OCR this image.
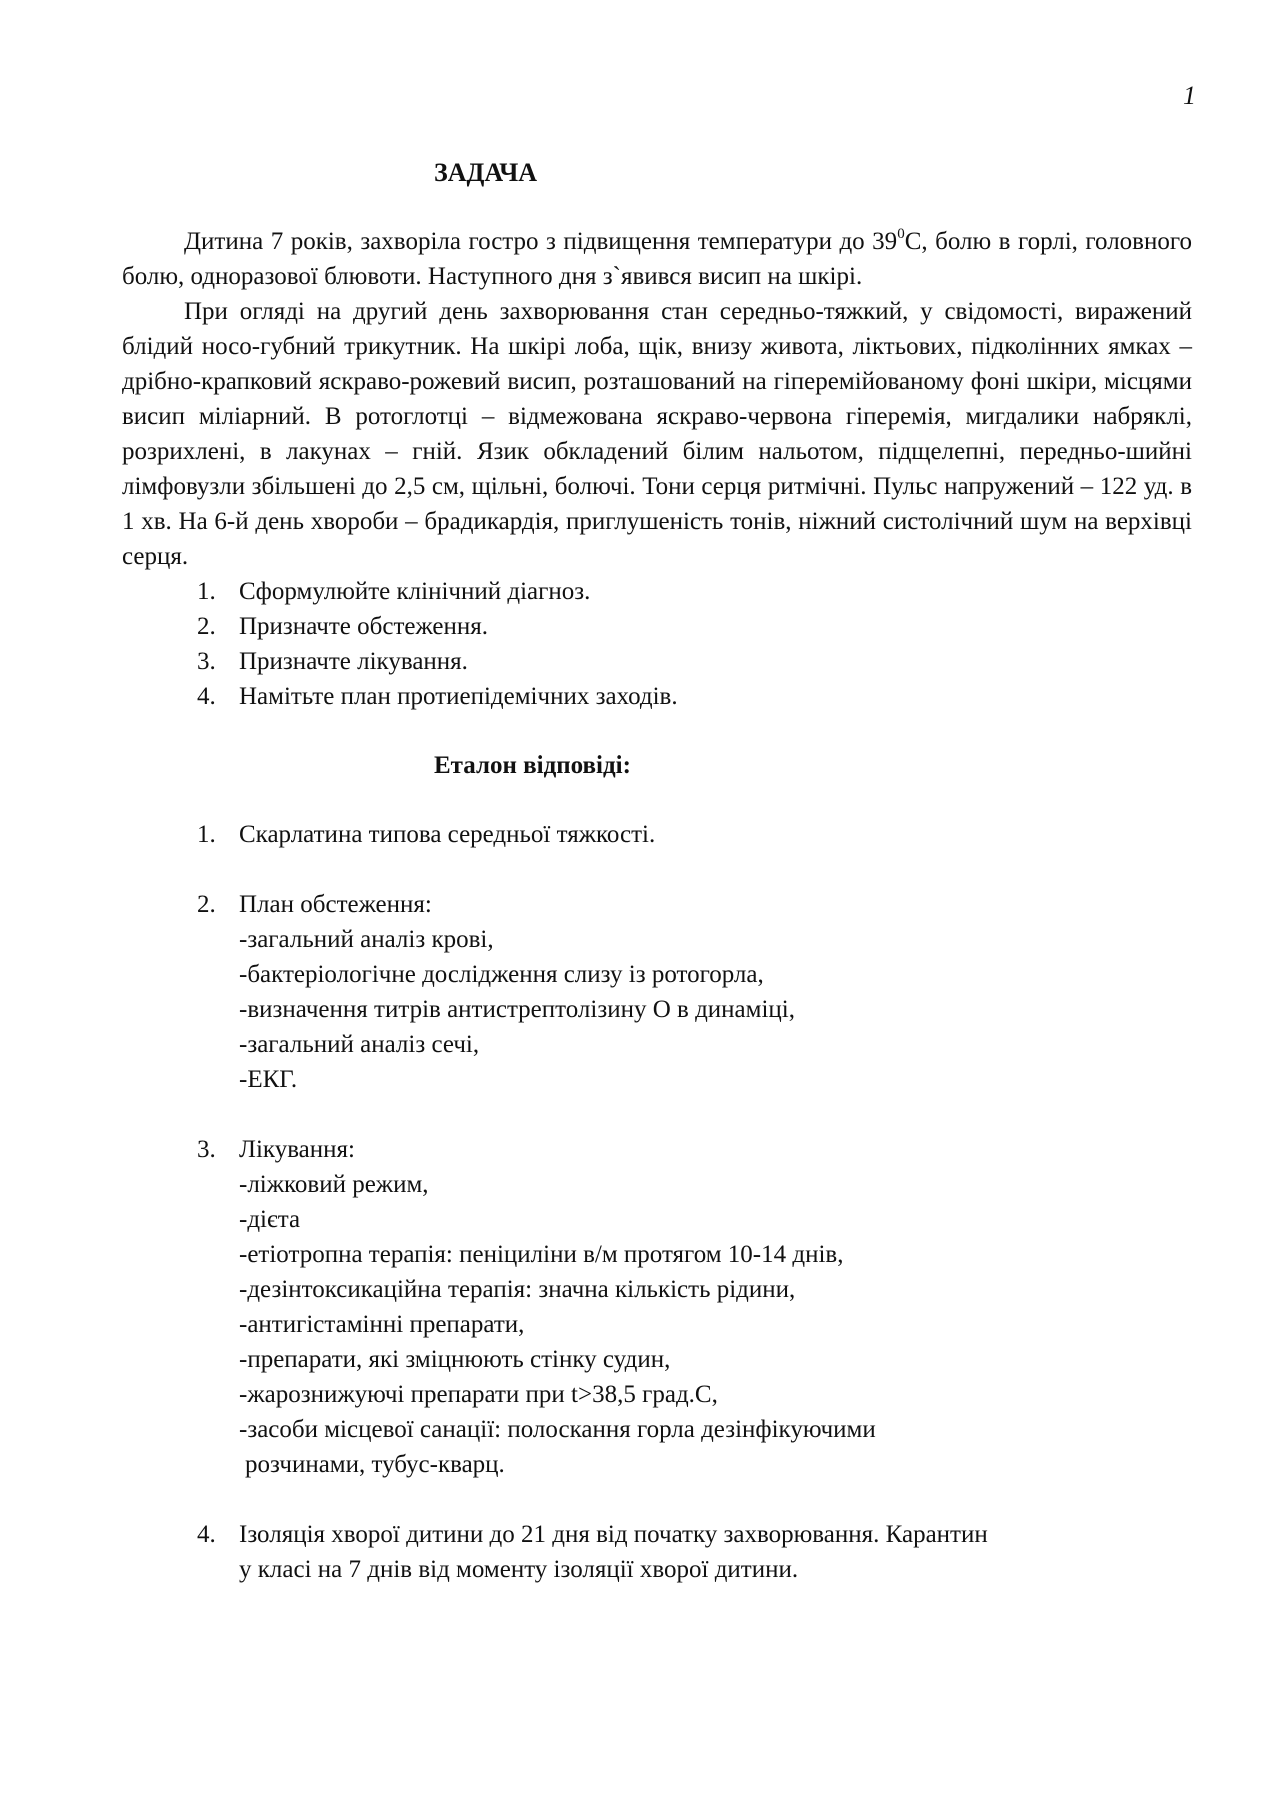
1
ЗАДАЧА

Дитина 7 років, захворіла гостро з підвищення температури до $39^0С$, болю в горлі, головного болю, одноразової блювоти. Наступного дня з`явився висип на шкірі.

При огляді на другий день захворювання стан середньо-тяжкий, у свідомості, виражений блідий носо-губний трикутник. На шкірі лоба, щік, внизу живота, ліктьових, підколінних ямках – дрібно-крапковий яскраво-рожевий висип, розташований на гіперемійованому фоні шкіри, місцями висип міліарний. В ротоглотці – відмежована яскраво-червона гіперемія, мигдалики набряклі, розрихлені, в лакунах – гній. Язик обкладений білим нальотом, підщелепні, передньо-шийні лімфовузли збільшені до 2,5 см, щільні, болючі. Тони серця ритмічні. Пульс напружений – 122 уд. в 1 хв. На 6-й день хвороби – брадикардія, приглушеність тонів, ніжний систолічний шум на верхівці серця.

1. Сформулюйте клінічний діагноз.
2. Призначте обстеження.
3. Призначте лікування.
4. Намітьте план протиепідемічних заходів.
Еталон відповіді:
1. Скарлатина типова середньої тяжкості.
2. План обстеження:
-загальний аналіз крові,
-бактеріологічне дослідження слизу із ротогорла,
-визначення титрів антистрептолізину О в динаміці,
-загальний аналіз сечі,
-ЕКГ.
3. Лікування:
-ліжковий режим,
-дієта
-етіотропна терапія: пеніциліни в/м протягом 10-14 днів,
-дезінтоксикаційна терапія: значна кількість рідини,
-антигістамінні препарати,
-препарати, які зміцнюють стінку судин,
-жарознижуючі препарати при t>38,5 град.С,
-засоби місцевої санації: полоскання горла дезінфікуючими
розчинами, тубус-кварц.
4. Ізоляція хворої дитини до 21 дня від початку захворювання. Карантин
у класі на 7 днів від моменту ізоляції хворої дитини.
